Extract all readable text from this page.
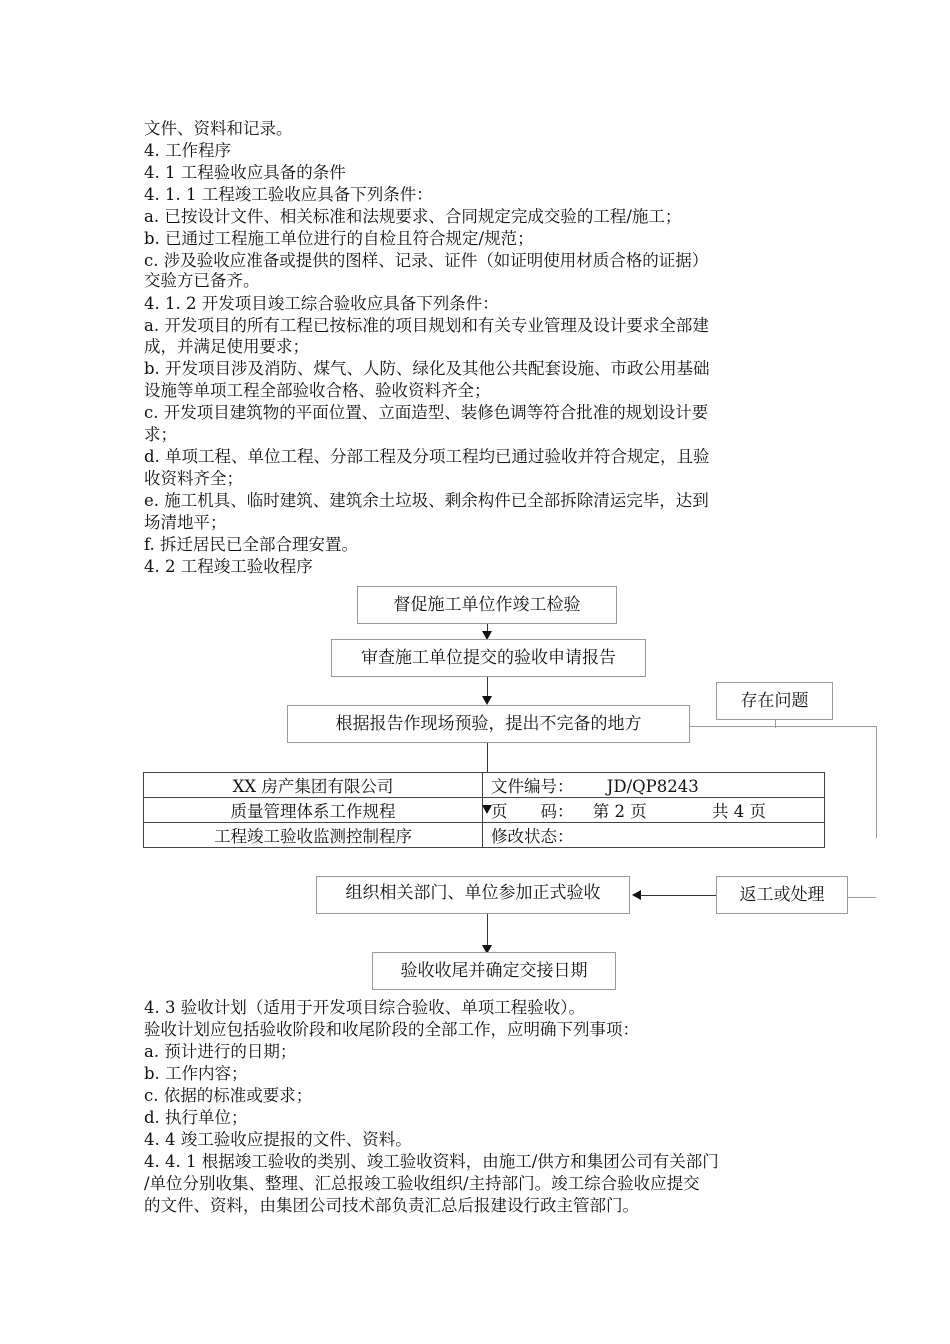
文件、资料和记录。
4. 工作程序
4. 1 工程验收应具备的条件
4. 1. 1 工程竣工验收应具备下列条件：
a. 已按设计文件、相关标准和法规要求、合同规定完成交验的工程/施工；
b. 已通过工程施工单位进行的自检且符合规定/规范；
c. 涉及验收应准备或提供的图样、记录、证件（如证明使用材质合格的证据）
交验方已备齐。
4. 1. 2 开发项目竣工综合验收应具备下列条件：
a. 开发项目的所有工程已按标准的项目规划和有关专业管理及设计要求全部建
成，并满足使用要求；
b. 开发项目涉及消防、煤气、人防、绿化及其他公共配套设施、市政公用基础
设施等单项工程全部验收合格、验收资料齐全；
c. 开发项目建筑物的平面位置、立面造型、装修色调等符合批准的规划设计要
求；
d. 单项工程、单位工程、分部工程及分项工程均已通过验收并符合规定，且验
收资料齐全；
e. 施工机具、临时建筑、建筑余土垃圾、剩余构件已全部拆除清运完毕，达到
场清地平；
f. 拆迁居民已全部合理安置。
4. 2 工程竣工验收程序
督促施工单位作竣工检验
审查施工单位提交的验收申请报告
存在问题
根据报告作现场预验，提出不完备的地方
组织相关部门、单位参加正式验收	返工或处理
验收收尾并确定交接日期
XX 房产集团有限公司	文件编号： JD/QP8243
质量管理体系工作规程	页　　码： 第 2 页 共 4 页
工程竣工验收监测控制程序	修改状态：
4. 3 验收计划（适用于开发项目综合验收、单项工程验收）。
验收计划应包括验收阶段和收尾阶段的全部工作，应明确下列事项：
a. 预计进行的日期；
b. 工作内容；
c. 依据的标准或要求；
d. 执行单位；
4. 4 竣工验收应提报的文件、资料。
4. 4. 1 根据竣工验收的类别、竣工验收资料，由施工/供方和集团公司有关部门
/单位分别收集、整理、汇总报竣工验收组织/主持部门。竣工综合验收应提交
的文件、资料，由集团公司技术部负责汇总后报建设行政主管部门。
